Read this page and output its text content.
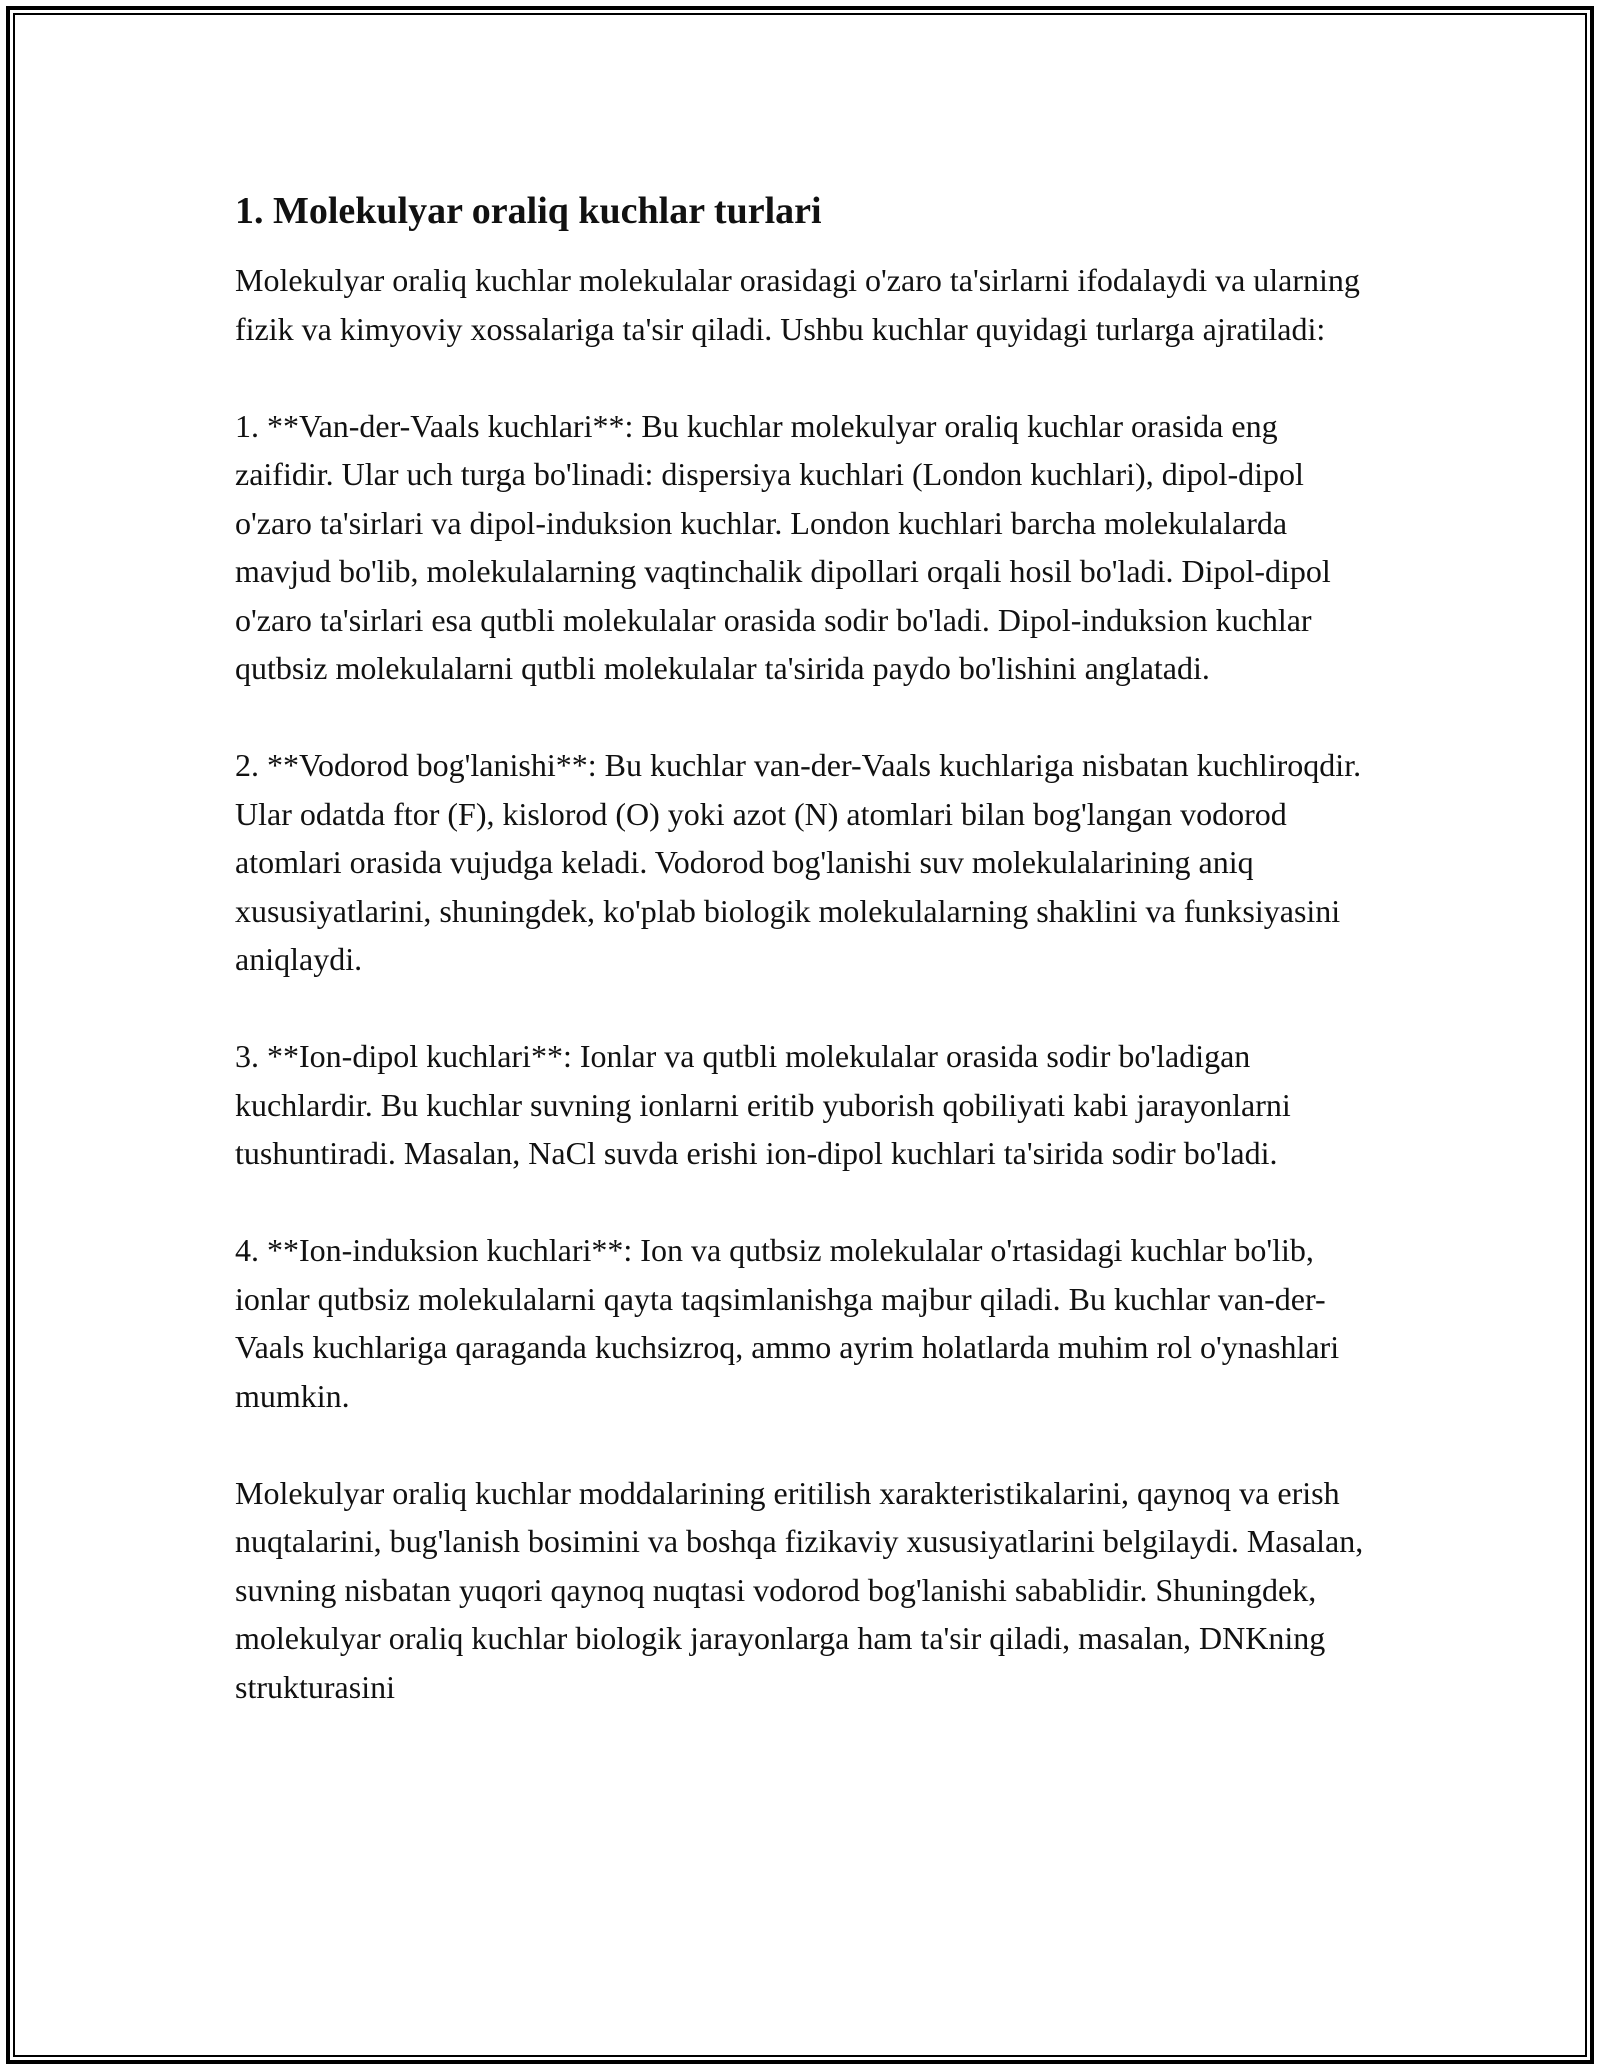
1. Molekulyar oraliq kuchlar turlari

Molekulyar oraliq kuchlar molekulalar orasidagi o'zaro ta'sirlarni ifodalaydi va ularning fizik va kimyoviy xossalariga ta'sir qiladi. Ushbu kuchlar quyidagi turlarga ajratiladi:

1. **Van-der-Vaals kuchlari**: Bu kuchlar molekulyar oraliq kuchlar orasida eng zaifidir. Ular uch turga bo'linadi: dispersiya kuchlari (London kuchlari), dipol-dipol o'zaro ta'sirlari va dipol-induksion kuchlar. London kuchlari barcha molekulalarda mavjud bo'lib, molekulalarning vaqtinchalik dipollari orqali hosil bo'ladi. Dipol-dipol o'zaro ta'sirlari esa qutbli molekulalar orasida sodir bo'ladi. Dipol-induksion kuchlar qutbsiz molekulalarni qutbli molekulalar ta'sirida paydo bo'lishini anglatadi.

2. **Vodorod bog'lanishi**: Bu kuchlar van-der-Vaals kuchlariga nisbatan kuchliroqdir. Ular odatda ftor (F), kislorod (O) yoki azot (N) atomlari bilan bog'langan vodorod atomlari orasida vujudga keladi. Vodorod bog'lanishi suv molekulalarining aniq xususiyatlarini, shuningdek, ko'plab biologik molekulalarning shaklini va funksiyasini aniqlaydi.

3. **Ion-dipol kuchlari**: Ionlar va qutbli molekulalar orasida sodir bo'ladigan kuchlardir. Bu kuchlar suvning ionlarni eritib yuborish qobiliyati kabi jarayonlarni tushuntiradi. Masalan, NaCl suvda erishi ion-dipol kuchlari ta'sirida sodir bo'ladi.

4. **Ion-induksion kuchlari**: Ion va qutbsiz molekulalar o'rtasidagi kuchlar bo'lib, ionlar qutbsiz molekulalarni qayta taqsimlanishga majbur qiladi. Bu kuchlar van-der-Vaals kuchlariga qaraganda kuchsizroq, ammo ayrim holatlarda muhim rol o'ynashlari mumkin.

Molekulyar oraliq kuchlar moddalarining eritilish xarakteristikalarini, qaynoq va erish nuqtalarini, bug'lanish bosimini va boshqa fizikaviy xususiyatlarini belgilaydi. Masalan, suvning nisbatan yuqori qaynoq nuqtasi vodorod bog'lanishi sabablidir. Shuningdek, molekulyar oraliq kuchlar biologik jarayonlarga ham ta'sir qiladi, masalan, DNKning strukturasini
